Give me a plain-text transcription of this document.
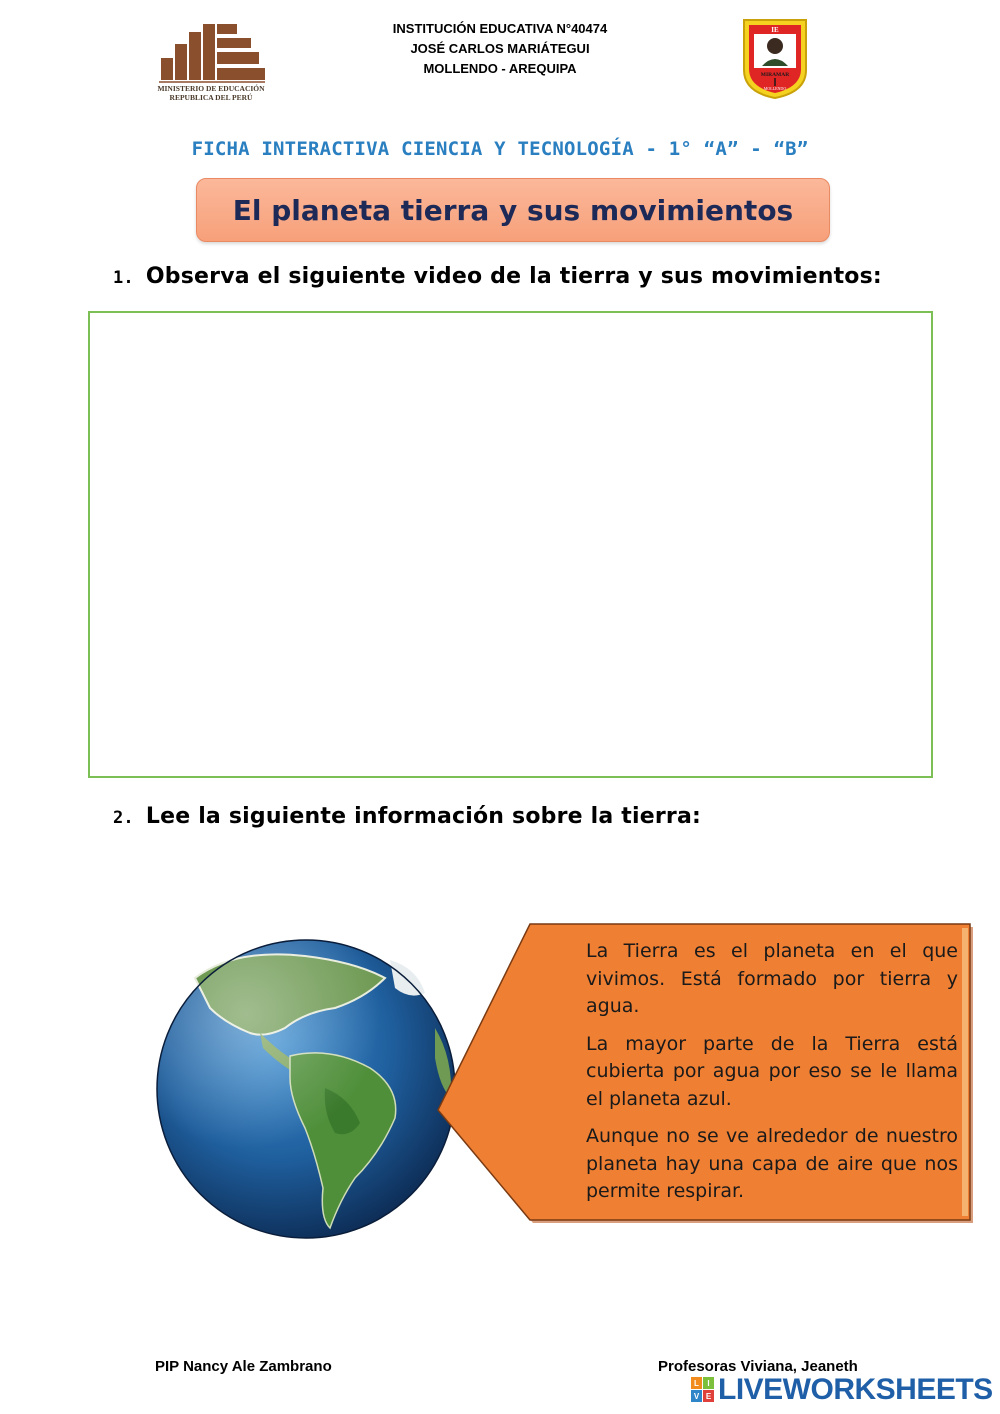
MINISTERIO DE EDUCACIÓN
REPUBLICA DEL PERÚ
INSTITUCIÓN EDUCATIVA N°40474
JOSÉ CARLOS MARIÁTEGUI
MOLLENDO - AREQUIPA
IE
MIRAMAR
MOLLENDO
FICHA INTERACTIVA CIENCIA Y TECNOLOGÍA - 1° “A” - “B”
El planeta tierra y sus movimientos
1. Observa el siguiente video de la tierra y sus movimientos:
2. Lee la siguiente información sobre la tierra:

La Tierra es el planeta en el que vivimos. Está formado por tierra y agua.

La mayor parte de la Tierra está cubierta por agua por eso se le llama el planeta azul.

Aunque no se ve alrededor de nuestro planeta hay una capa de aire que nos permite respirar.

PIP Nancy Ale Zambrano	Profesoras Viviana, Jeaneth
L I
V E LIVEWORKSHEETS
